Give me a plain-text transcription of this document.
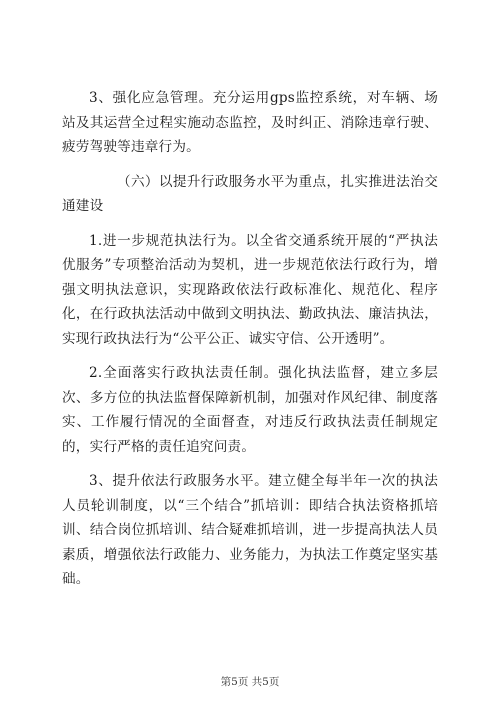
3、强化应急管理。充分运用gps监控系统，对车辆、场站及其运营全过程实施动态监控，及时纠正、消除违章行驶、疲劳驾驶等违章行为。

（六）以提升行政服务水平为重点，扎实推进法治交通建设

1.进一步规范执法行为。以全省交通系统开展的“严执法优服务”专项整治活动为契机，进一步规范依法行政行为，增强文明执法意识，实现路政依法行政标准化、规范化、程序化，在行政执法活动中做到文明执法、勤政执法、廉洁执法，实现行政执法行为“公平公正、诚实守信、公开透明”。

2.全面落实行政执法责任制。强化执法监督，建立多层次、多方位的执法监督保障新机制，加强对作风纪律、制度落实、工作履行情况的全面督查，对违反行政执法责任制规定的，实行严格的责任追究问责。

3、提升依法行政服务水平。建立健全每半年一次的执法人员轮训制度，以“三个结合”抓培训：即结合执法资格抓培训、结合岗位抓培训、结合疑难抓培训，进一步提高执法人员素质，增强依法行政能力、业务能力，为执法工作奠定坚实基础。

第5页 共5页
